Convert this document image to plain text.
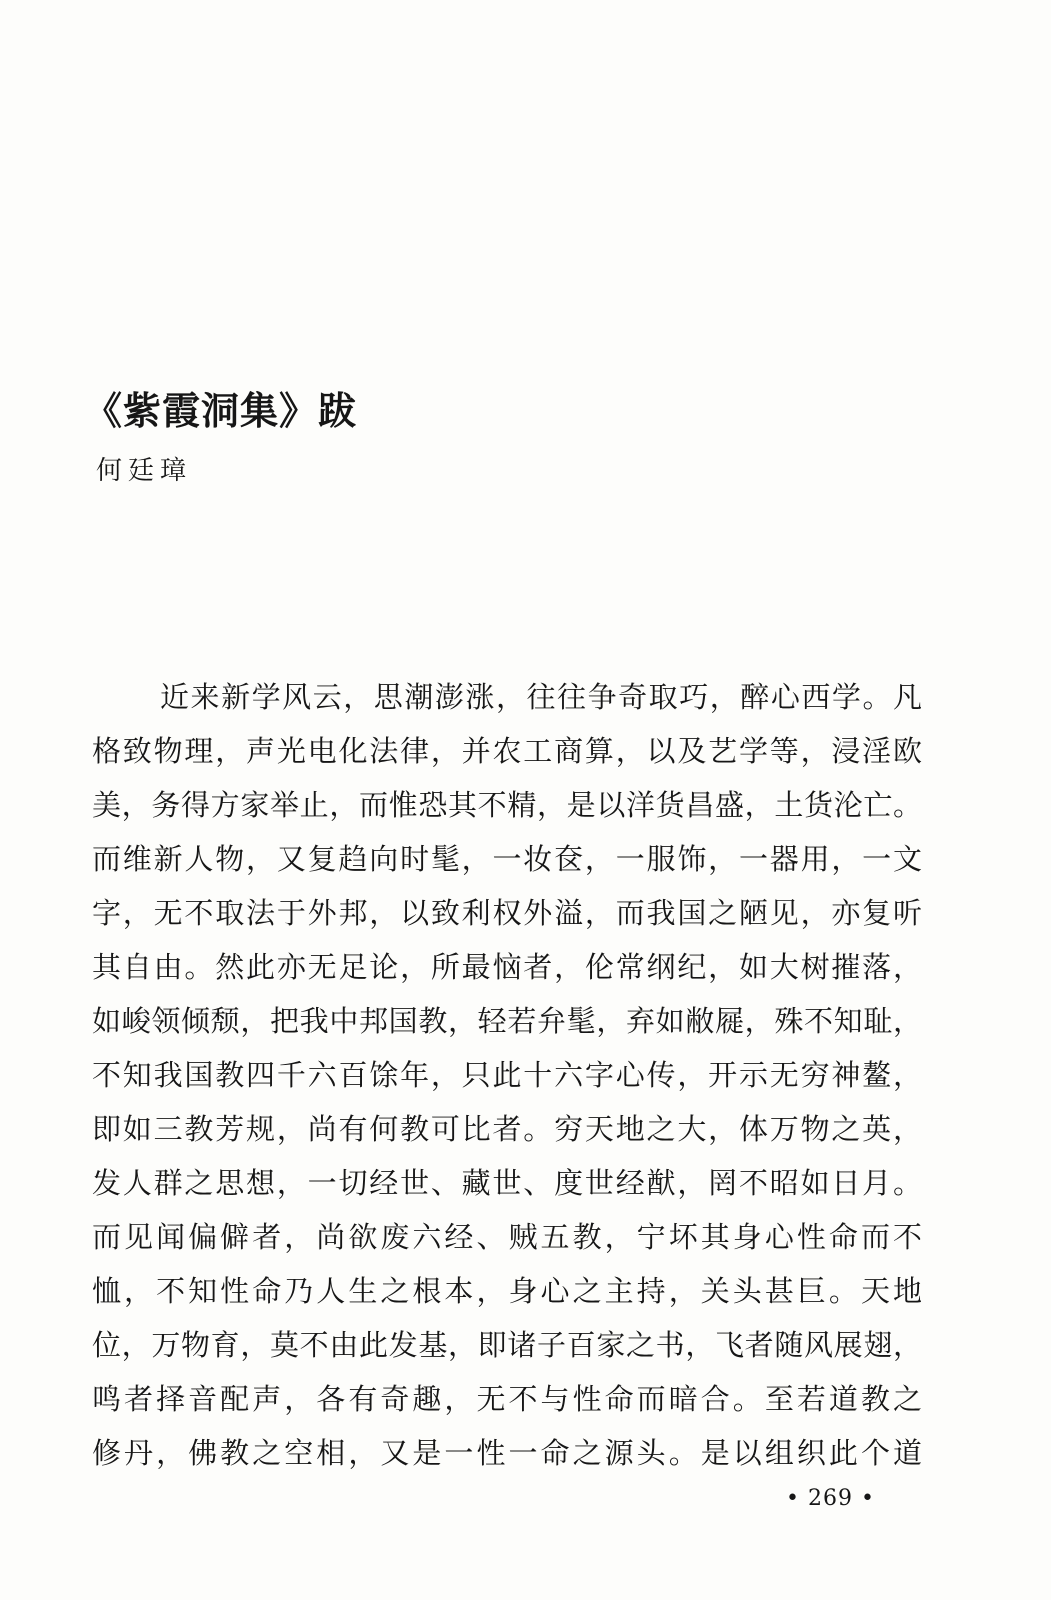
《紫霞洞集》跋
何廷璋
近来新学风云，思潮澎涨，往往争奇取巧，醉心西学。凡
格致物理，声光电化法律，并农工商算，以及艺学等，浸淫欧
美，务得方家举止，而惟恐其不精，是以洋货昌盛，土货沦亡。
而维新人物，又复趋向时髦，一妆奁，一服饰，一器用，一文
字，无不取法于外邦，以致利权外溢，而我国之陋见，亦复听
其自由。然此亦无足论，所最恼者，伦常纲纪，如大树摧落，
如峻领倾颓，把我中邦国教，轻若弁髦，弃如敝屣，殊不知耻，
不知我国教四千六百馀年，只此十六字心传，开示无穷神鳌，
即如三教芳规，尚有何教可比者。穷天地之大，体万物之英，
发人群之思想，一切经世、藏世、度世经猷，罔不昭如日月。
而见闻偏僻者，尚欲废六经、贼五教，宁坏其身心性命而不
恤，不知性命乃人生之根本，身心之主持，关头甚巨。天地
位，万物育，莫不由此发基，即诸子百家之书，飞者随风展翅，
鸣者择音配声，各有奇趣，无不与性命而暗合。至若道教之
修丹，佛教之空相，又是一性一命之源头。是以组织此个道
• 269 •
